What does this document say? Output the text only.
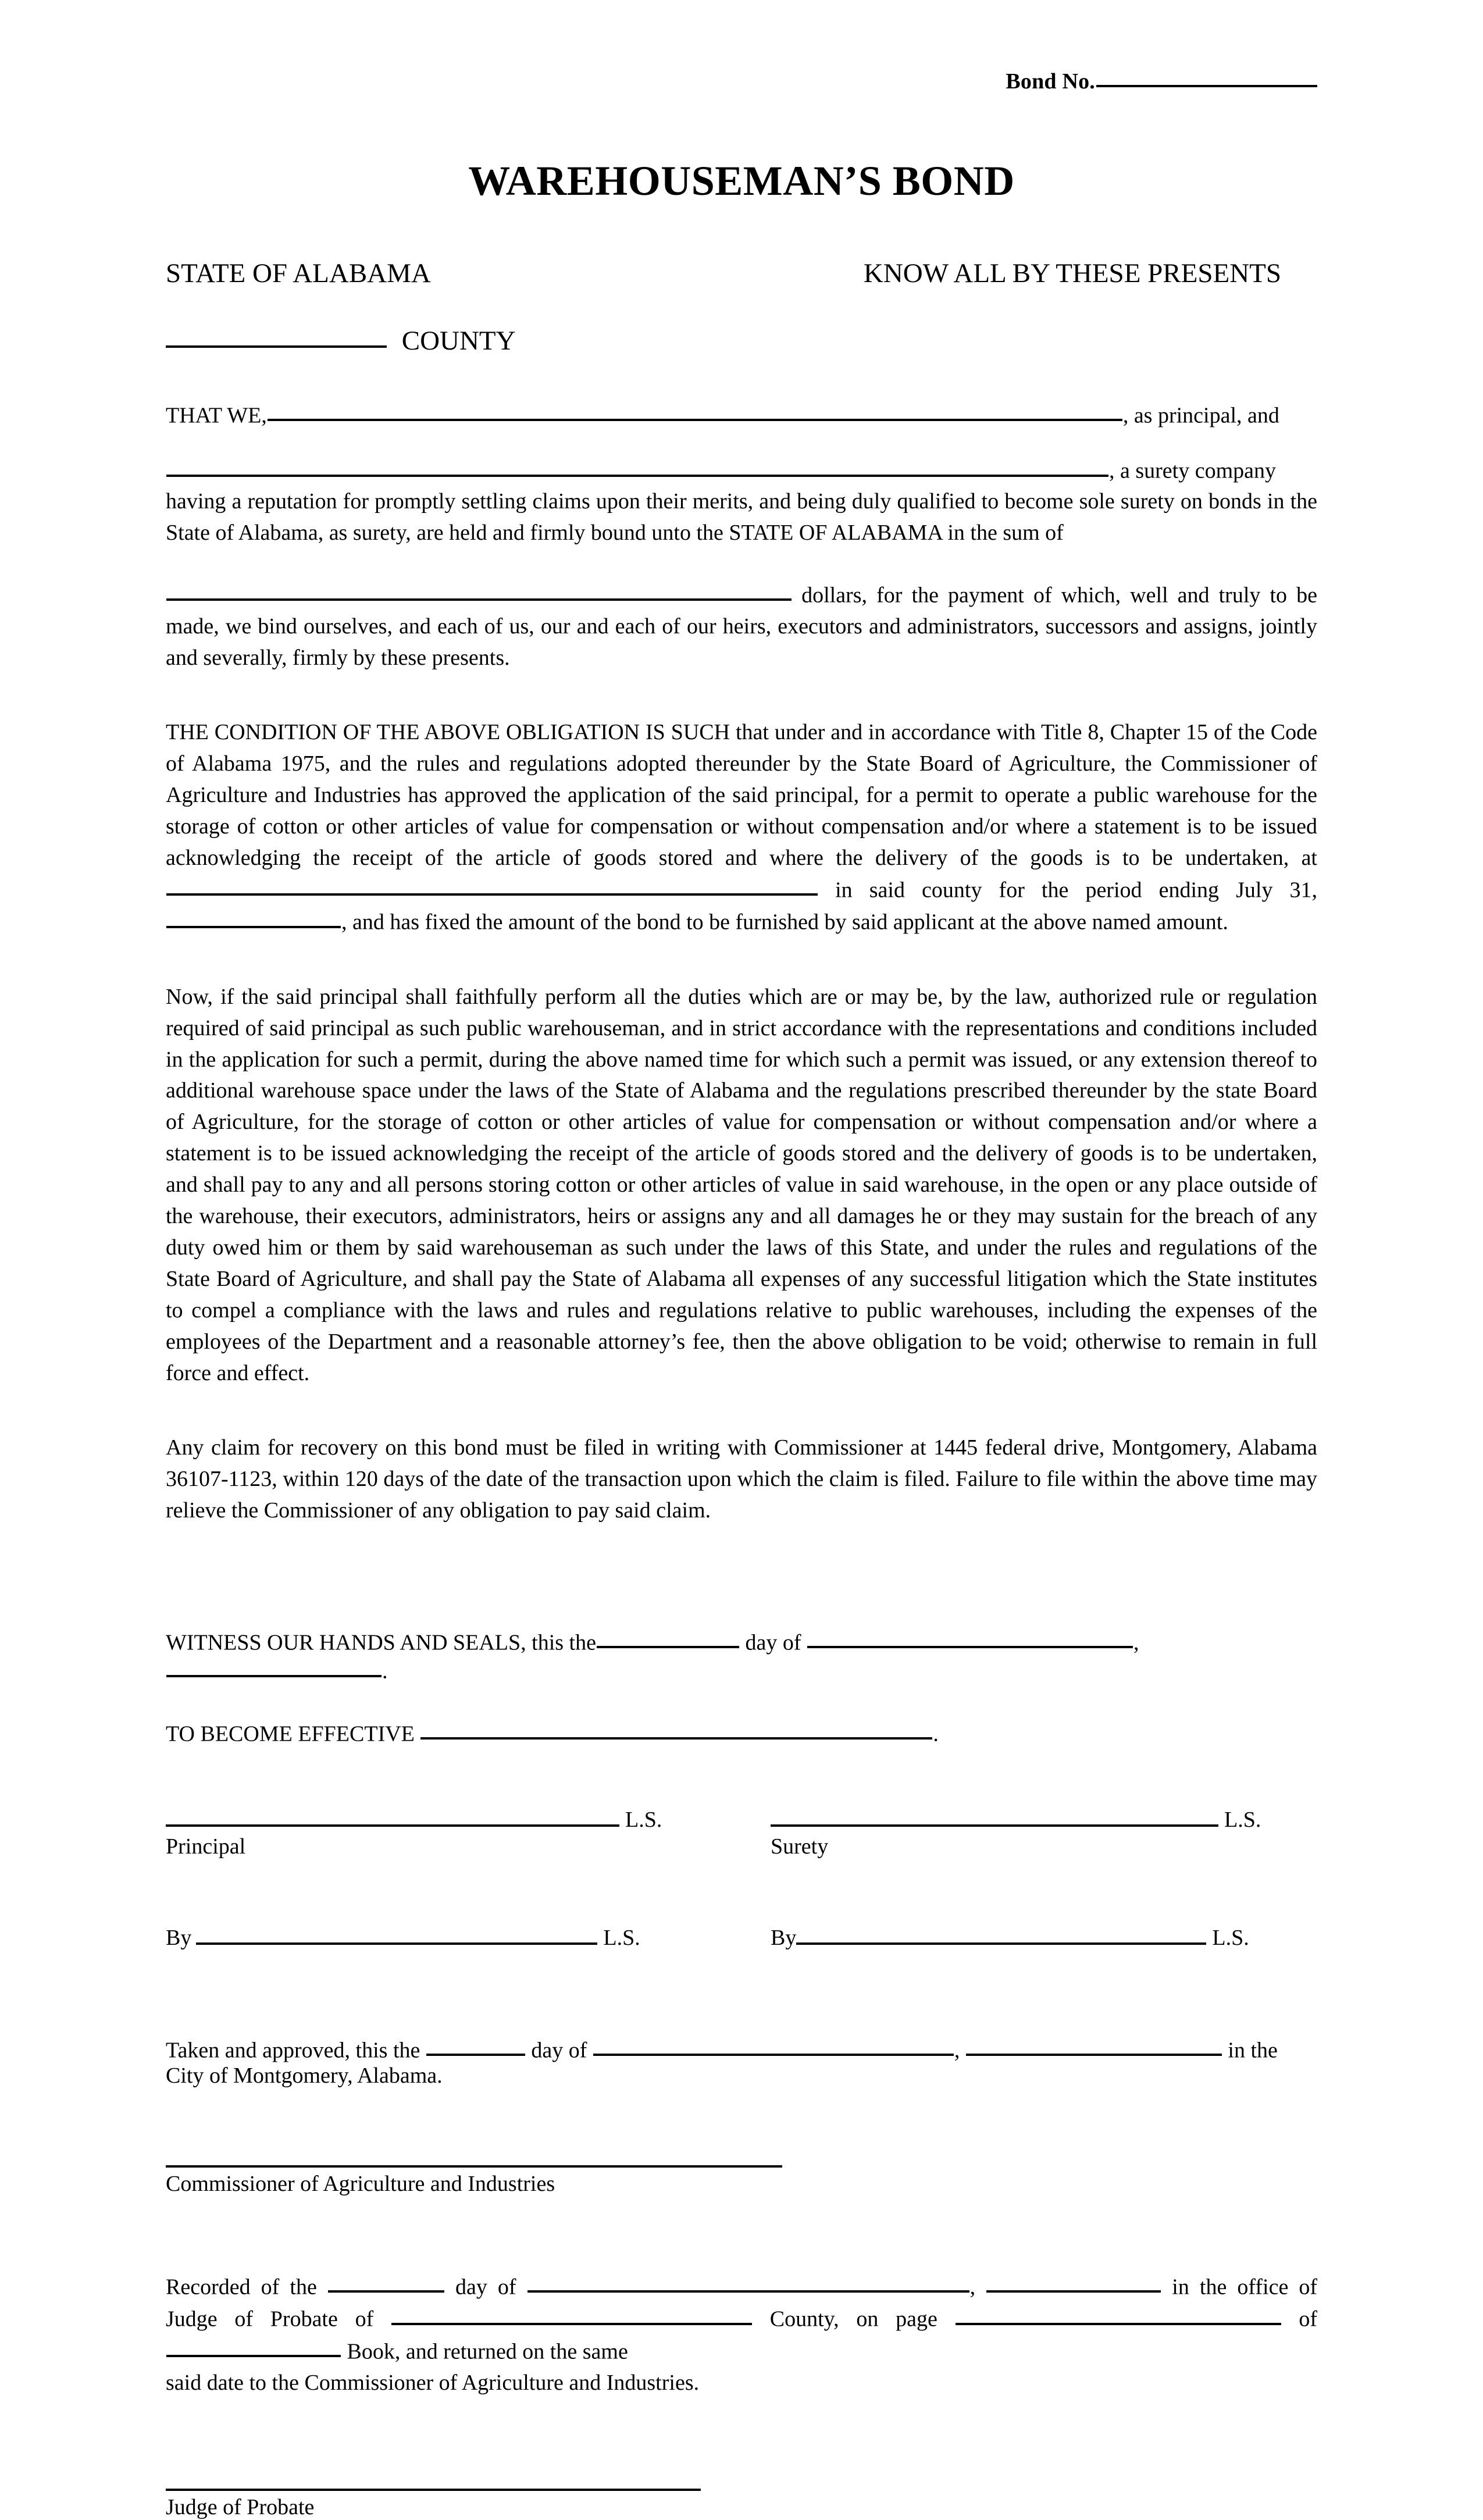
Bond No.
WAREHOUSEMAN’S BOND
STATE OF ALABAMA	KNOW ALL BY THESE PRESENTS
COUNTY
THAT WE,	, as principal, and
, a surety company

having a reputation for promptly settling claims upon their merits, and being duly qualified to become sole surety on bonds in the State of Alabama, as surety, are held and firmly bound unto the STATE OF ALABAMA in the sum of

dollars, for the payment of which, well and truly to be made, we bind ourselves, and each of us, our and each of our heirs, executors and administrators, successors and assigns, jointly and severally, firmly by these presents.

THE CONDITION OF THE ABOVE OBLIGATION IS SUCH that under and in accordance with Title 8, Chapter 15 of the Code of Alabama 1975, and the rules and regulations adopted thereunder by the State Board of Agriculture, the Commissioner of Agriculture and Industries has approved the application of the said principal, for a permit to operate a public warehouse for the storage of cotton or other articles of value for compensation or without compensation and/or where a statement is to be issued acknowledging the receipt of the article of goods stored and where the delivery of the goods is to be undertaken, at  in said county for the period ending July 31, , and has fixed the amount of the bond to be furnished by said applicant at the above named amount.

Now, if the said principal shall faithfully perform all the duties which are or may be, by the law, authorized rule or regulation required of said principal as such public warehouseman, and in strict accordance with the representations and conditions included in the application for such a permit, during the above named time for which such a permit was issued, or any extension thereof to additional warehouse space under the laws of the State of Alabama and the regulations prescribed thereunder by the state Board of Agriculture, for the storage of cotton or other articles of value for compensation or without compensation and/or where a statement is to be issued acknowledging the receipt of the article of goods stored and the delivery of goods is to be undertaken, and shall pay to any and all persons storing cotton or other articles of value in said warehouse, in the open or any place outside of the warehouse, their executors, administrators, heirs or assigns any and all damages he or they may sustain for the breach of any duty owed him or them by said warehouseman as such under the laws of this State, and under the rules and regulations of the State Board of Agriculture, and shall pay the State of Alabama all expenses of any successful litigation which the State institutes to compel a compliance with the laws and rules and regulations relative to public warehouses, including the expenses of the employees of the Department and a reasonable attorney’s fee, then the above obligation to be void; otherwise to remain in full force and effect.

Any claim for recovery on this bond must be filed in writing with Commissioner at 1445 federal drive, Montgomery, Alabama 36107-1123, within 120 days of the date of the transaction upon which the claim is filed. Failure to file within the above time may relieve the Commissioner of any obligation to pay said claim.

WITNESS OUR HANDS AND SEALS, this the	day of	, .
TO BECOME EFFECTIVE	.
L.S.
Principal
L.S.
Surety
By	L.S.	By	L.S.
Taken and approved, this the	day of	,	in the City of Montgomery, Alabama.
Commissioner of Agriculture and Industries

Recorded of the	day of	,	in the office of Judge of Probate of	County, on page	of  Book, and returned on the same

said date to the Commissioner of Agriculture and Industries.

Judge of Probate
